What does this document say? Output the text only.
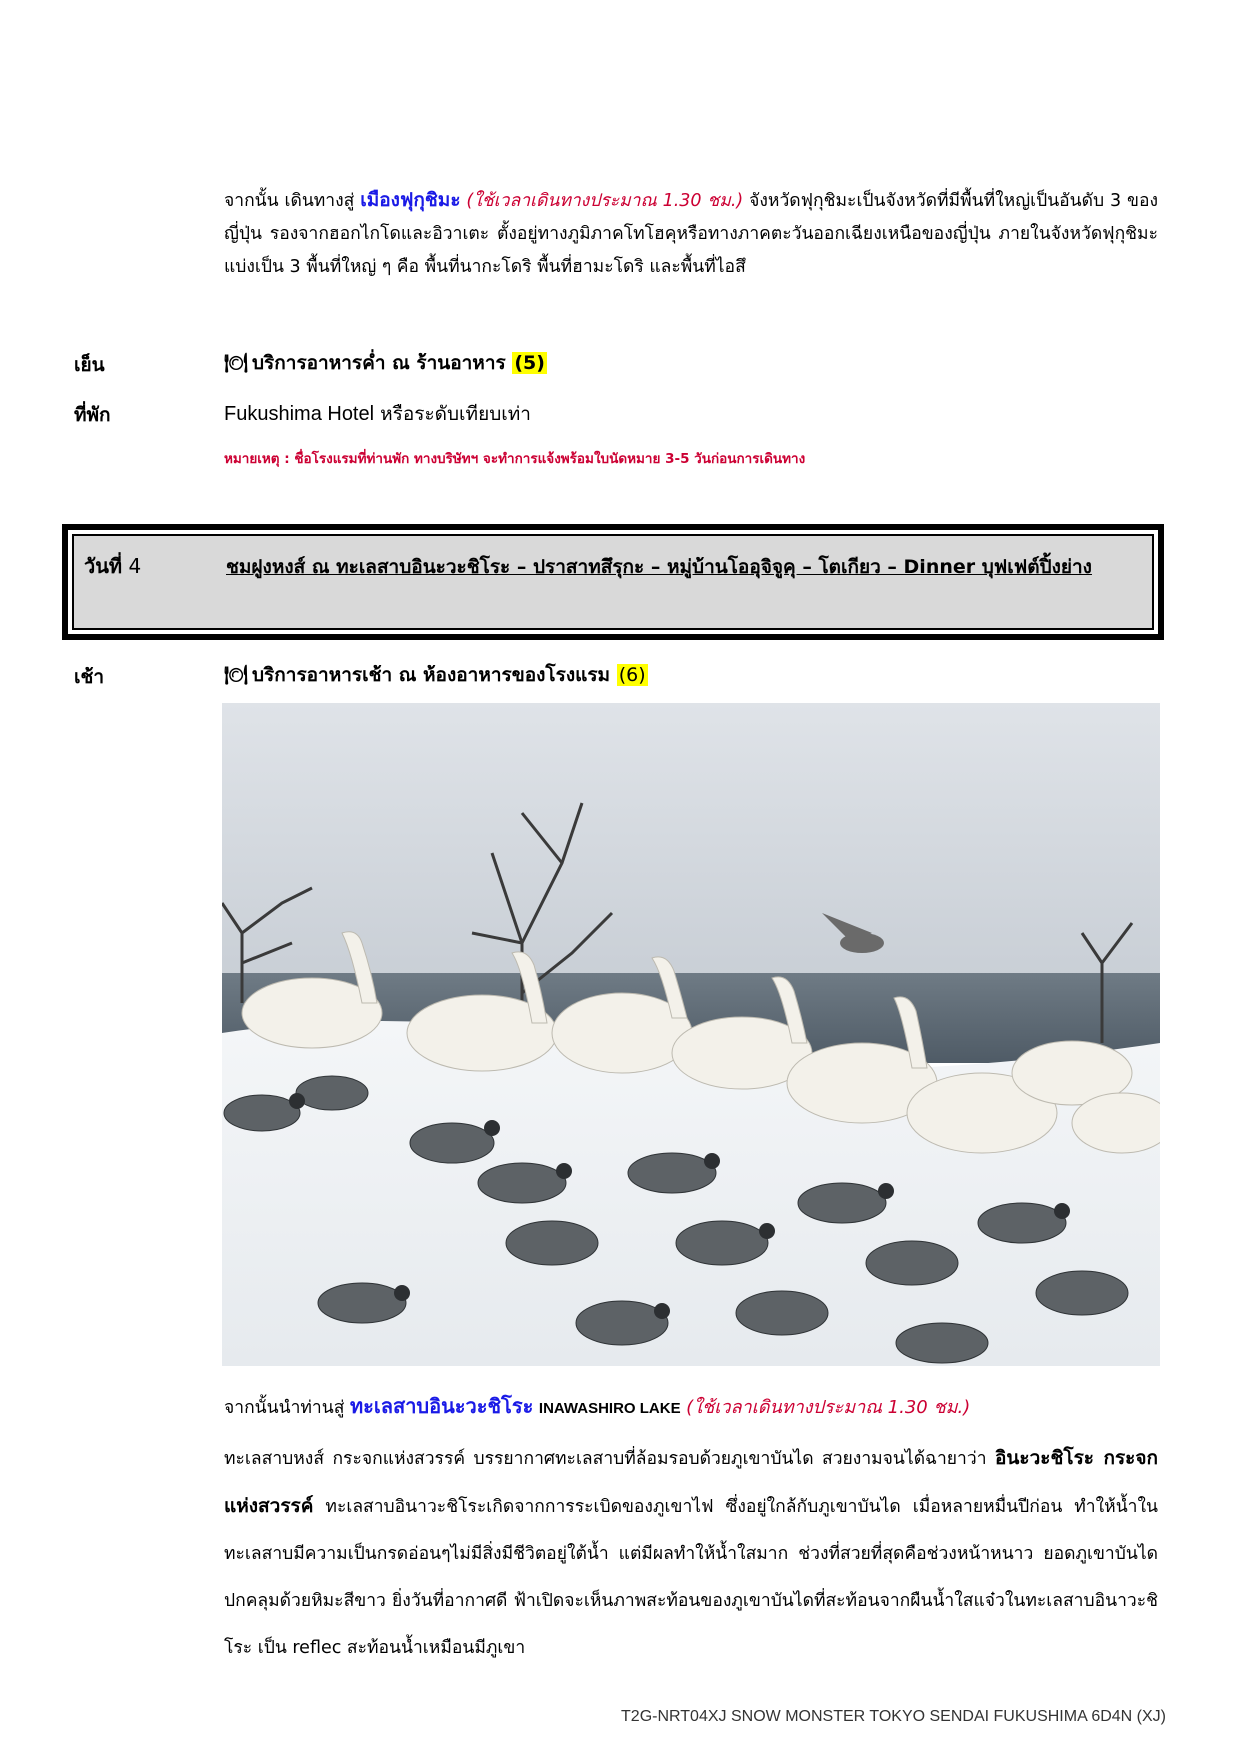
จากนั้น เดินทางสู่ เมืองฟุกุชิมะ (ใช้เวลาเดินทางประมาณ 1.30 ชม.) จังหวัดฟุกุชิมะเป็นจังหวัดที่มีพื้นที่ใหญ่เป็นอันดับ 3 ของญี่ปุ่น รองจากฮอกไกโดและอิวาเตะ ตั้งอยู่ทางภูมิภาคโทโฮคุหรือทางภาคตะวันออกเฉียงเหนือของญี่ปุ่น ภายในจังหวัดฟุกุชิมะแบ่งเป็น 3 พื้นที่ใหญ่ ๆ คือ พื้นที่นากะโดริ พื้นที่ฮามะโดริ และพื้นที่ไอสึ
เย็น	🍽 บริการอาหารค่ำ ณ ร้านอาหาร (5)
ที่พัก	Fukushima Hotel หรือระดับเทียบเท่า
หมายเหตุ : ชื่อโรงแรมที่ท่านพัก ทางบริษัทฯ จะทำการแจ้งพร้อมใบนัดหมาย 3-5 วันก่อนการเดินทาง
วันที่ 4	ชมฝูงหงส์ ณ ทะเลสาบอินะวะชิโระ – ปราสาทสึรุกะ – หมู่บ้านโออุจิจูคุ – โตเกียว – Dinner บุฟเฟต์ปิ้งย่าง
เช้า	🍽 บริการอาหารเช้า ณ ห้องอาหารของโรงแรม (6)
จากนั้นนำท่านสู่ ทะเลสาบอินะวะชิโระ INAWASHIRO LAKE (ใช้เวลาเดินทางประมาณ 1.30 ชม.)
ทะเลสาบหงส์ กระจกแห่งสวรรค์ บรรยากาศทะเลสาบที่ล้อมรอบด้วยภูเขาบันได สวยงามจนได้ฉายาว่า อินะวะชิโระ กระจกแห่งสวรรค์ ทะเลสาบอินาวะชิโระเกิดจากการระเบิดของภูเขาไฟ ซึ่งอยู่ใกล้กับภูเขาบันได เมื่อหลายหมื่นปีก่อน ทำให้น้ำในทะเลสาบมีความเป็นกรดอ่อนๆไม่มีสิ่งมีชีวิตอยู่ใต้น้ำ แต่มีผลทำให้น้ำใสมาก ช่วงที่สวยที่สุดคือช่วงหน้าหนาว ยอดภูเขาบันไดปกคลุมด้วยหิมะสีขาว ยิ่งวันที่อากาศดี ฟ้าเปิดจะเห็นภาพสะท้อนของภูเขาบันไดที่สะท้อนจากผืนน้ำใสแจ๋วในทะเลสาบอินาวะชิโระ เป็น reflec สะท้อนน้ำเหมือนมีภูเขา
T2G-NRT04XJ SNOW MONSTER TOKYO SENDAI FUKUSHIMA 6D4N (XJ)
